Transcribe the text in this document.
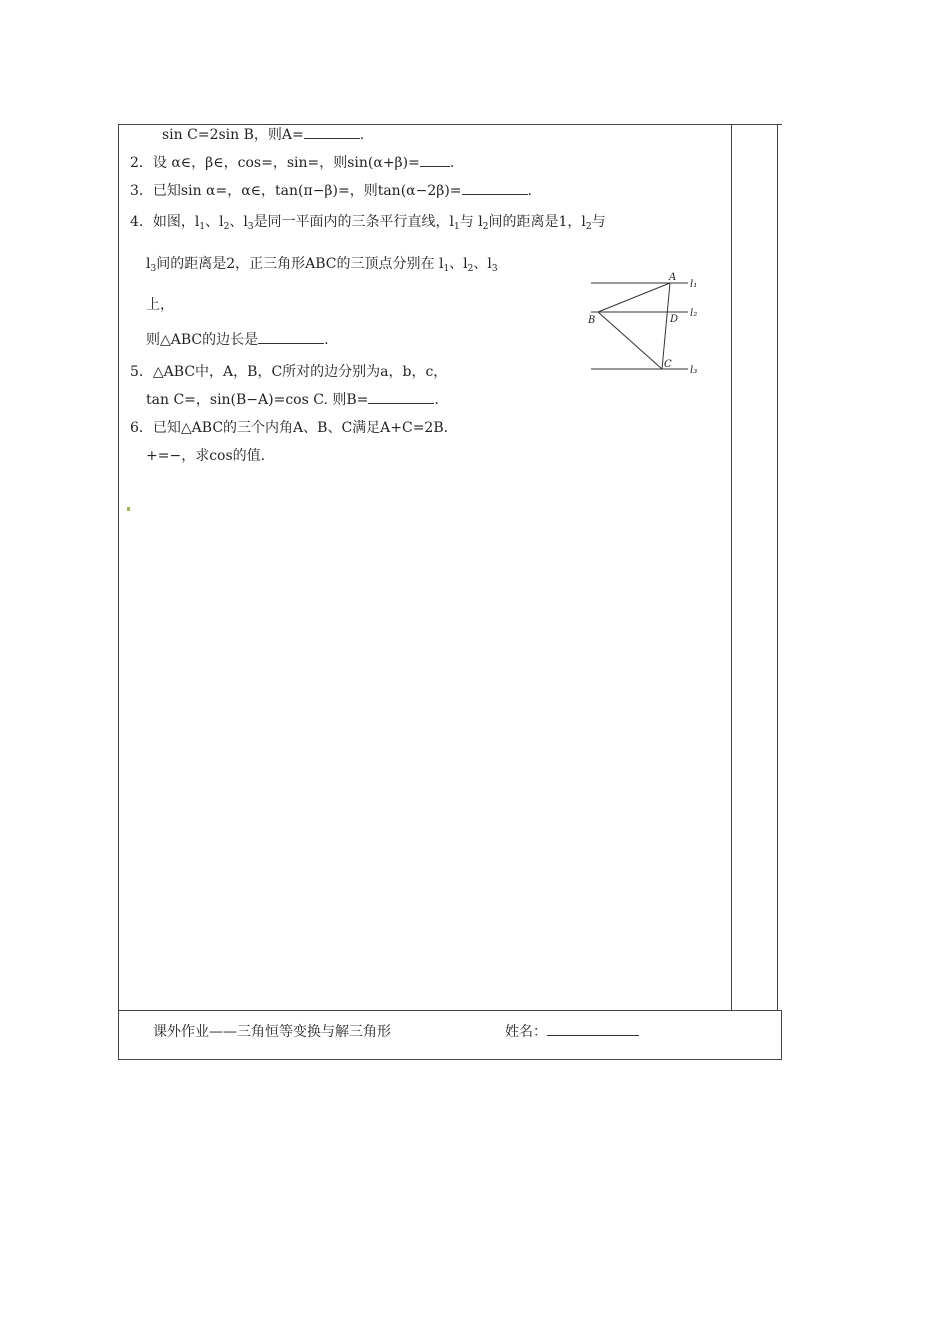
sin C=2sin B，则A=	.
2．设 α∈，β∈，cos=，sin=，则sin(α+β)= .
3．已知sin α=，α∈，tan(π−β)=，则tan(α−2β)=	.
4．如图，$l_1$、$l_2$、$l_3$是同一平面内的三条平行直线，$l_1$与 $l_2$间的距离是1，$l_2$与
$l_3$间的距离是2，正三角形ABC的三顶点分别在 $l_1$、$l_2$、$l_3$
上，
则△ABC的边长是	.
5．△ABC中，A，B，C所对的边分别为a，b，c，
tan C=，sin(B−A)=cos C. 则B=	.
6．已知△ABC的三个内角A、B、C满足A+C=2B.
+=−，求cos的值.
A
B
C
D
l₁
l₂
l₃
课外作业——三角恒等变换与解三角形	姓名：
